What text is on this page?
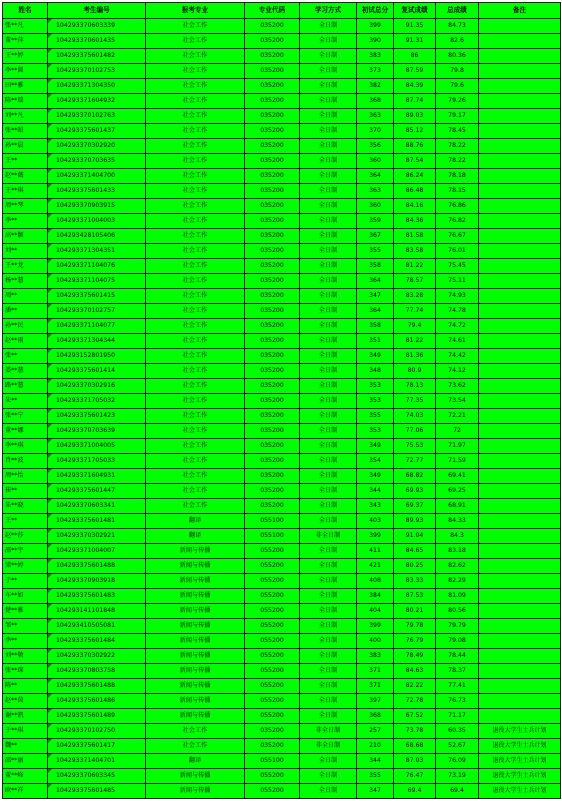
姓名	考生编号	报考专业	专业代码	学习方式	初试总分	复试成绩	总成绩	备注
张**凡	104293370603339	社会工作	035200	全日制	399	91.35	84.73	
董**萍	104293370601435	社会工作	035200	全日制	390	91.31	82.6	
王**婷	104293375601482	社会工作	035200	全日制	383	86	80.36	
李**圆	104293370102753	社会工作	035200	全日制	373	87.59	79.8	
田**雅	104293371304350	社会工作	035200	全日制	382	84.39	79.6	
陈**瑞	104293371604932	社会工作	035200	全日制	368	87.74	79.26	
刘**凡	104293370102763	社会工作	035200	全日制	363	89.03	79.17	
张**昭	104293375601437	社会工作	035200	全日制	370	85.12	78.45	
孙**晨	104293370302920	社会工作	035200	全日制	356	88.76	78.22	
王**	104293370703635	社会工作	035200	全日制	360	87.54	78.22	
赵**薇	104293371404700	社会工作	035200	全日制	364	86.24	78.18	
王**琪	104293375601433	社会工作	035200	全日制	363	86.48	78.15	
周**琴	104293370903915	社会工作	035200	全日制	360	84.16	76.86	
李**	104293371004003	社会工作	035200	全日制	359	84.36	76.82	
高**颖	104293428105406	社会工作	035200	全日制	367	81.58	76.67	
刘**	104293371304351	社会工作	035200	全日制	355	83.58	76.01	
王**龙	104293371104076	社会工作	035200	全日制	358	81.22	75.45	
杨**慧	104293371104075	社会工作	035200	全日制	364	78.57	75.11	
周**	104293375601415	社会工作	035200	全日制	347	83.28	74.93	
潘**	104293370102757	社会工作	035200	全日制	364	77.74	74.78	
孙**民	104293371104077	社会工作	035200	全日制	358	79.4	74.72	
赵**雨	104293371304344	社会工作	035200	全日制	351	81.22	74.61	
张**	104293152801950	社会工作	035200	全日制	349	81.36	74.42	
娄**慧	104293375601414	社会工作	035200	全日制	348	80.9	74.12	
路**慧	104293370302916	社会工作	035200	全日制	353	78.13	73.62	
朱**	104293371705032	社会工作	035200	全日制	353	77.35	73.54	
张**宁	104293375601423	社会工作	035200	全日制	355	74.03	72.21	
董**娜	104293370703639	社会工作	035200	全日制	353	77.06	72	
李**琪	104293371004005	社会工作	035200	全日制	349	75.53	71.97	
肖**波	104293371705033	社会工作	035200	全日制	354	72.77	71.59	
周**怡	104293371604931	社会工作	035200	全日制	349	68.82	69.41	
崔**	104293375601447	社会工作	035200	全日制	344	69.93	69.25	
朱**晓	104293370603341	社会工作	035200	全日制	343	69.37	68.91	
王**	104293375601481	翻译	055100	全日制	403	89.93	84.33	
赵**莎	104293370302921	翻译	055100	非全日制	399	91.04	84.3	
邵**宇	104293371004007	新闻与传播	055200	全日制	411	84.65	83.18	
梁**婷	104293375601488	新闻与传播	055200	全日制	421	80.25	82.62	
于**	104293370903918	新闻与传播	055200	全日制	408	83.33	82.29	
车**如	104293375601483	新闻与传播	055200	全日制	384	87.53	81.09	
楚**雅	104293141101848	新闻与传播	055200	全日制	404	80.21	80.56	
邹**	104293410505081	新闻与传播	055200	全日制	399	79.78	79.79	
李**	104293375601484	新闻与传播	055200	全日制	400	76.79	79.08	
刘**敬	104293370302922	新闻与传播	055200	全日制	383	78.49	78.44	
张**琛	104293370803758	新闻与传播	055200	全日制	371	84.63	78.37	
陈**	104293375601488	新闻与传播	055200	全日制	371	82.22	77.41	
赵**茵	104293375601486	新闻与传播	055200	全日制	397	72.78	76.73	
谢**凯	104293375601489	新闻与传播	055200	全日制	368	67.52	71.17	
于**琪	104293370102750	社会工作	035200	非全日制	257	73.78	60.35	退役大学生士兵计划
魏**	104293375601417	社会工作	035200	非全日制	210	68.68	52.67	退役大学生士兵计划
邵**丽	104293371404701	翻译	055100	全日制	344	87.03	76.09	退役大学生士兵计划
董**峰	104293370603345	新闻与传播	055200	全日制	355	76.47	73.19	退役大学生士兵计划
欧**祥	104293375601485	新闻与传播	055200	全日制	347	69.4	69.4	退役大学生士兵计划
